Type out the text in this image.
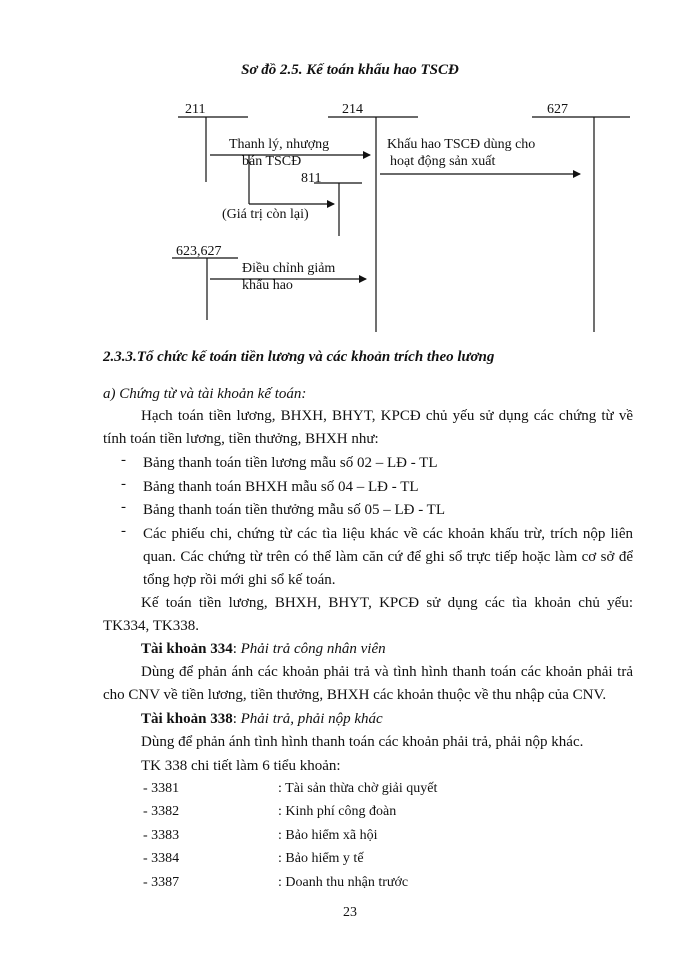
Sơ đồ 2.5. Kế toán khấu hao TSCĐ
211	214	627
811
623,627
Thanh lý, nhượng
bán TSCĐ
(Giá trị còn lại)
Điều chỉnh giảm
khấu hao
Khấu hao TSCĐ dùng cho
hoạt động sản xuất
2.3.3.Tổ chức kế toán tiền lương và các khoản trích theo lương
a) Chứng từ và tài khoản kế toán:
Hạch toán tiền lương, BHXH, BHYT, KPCĐ chủ yếu sử dụng các chứng từ về tính toán tiền lương, tiền thưởng, BHXH như:
- Bảng thanh toán tiền lương mẫu số 02 – LĐ - TL
- Bảng thanh toán BHXH mẫu số 04 – LĐ - TL
- Bảng thanh toán tiền thưởng mẫu số 05 – LĐ - TL
- Các phiếu chi, chứng từ các tìa liệu khác về các khoản khấu trừ, trích nộp liên quan. Các chứng từ trên có thể làm căn cứ để ghi sổ trực tiếp hoặc làm cơ sở để tổng hợp rồi mới ghi sổ kế toán.
Kế toán tiền lương, BHXH, BHYT, KPCĐ sử dụng các tìa khoản chủ yếu: TK334, TK338.
Tài khoản 334: Phải trả công nhân viên
Dùng để phản ánh các khoản phải trả và tình hình thanh toán các khoản phải trả cho CNV về tiền lương, tiền thưởng, BHXH các khoản thuộc về thu nhập của CNV.
Tài khoản 338: Phải trả, phải nộp khác
Dùng để phản ánh tình hình thanh toán các khoản phải trả, phải nộp khác.
TK 338 chi tiết làm 6 tiểu khoản:
- 3381	: Tài sản thừa chờ giải quyết
- 3382	: Kinh phí công đoàn
- 3383	: Bảo hiểm xã hội
- 3384	: Bảo hiểm y tế
- 3387	: Doanh thu nhận trước
23
